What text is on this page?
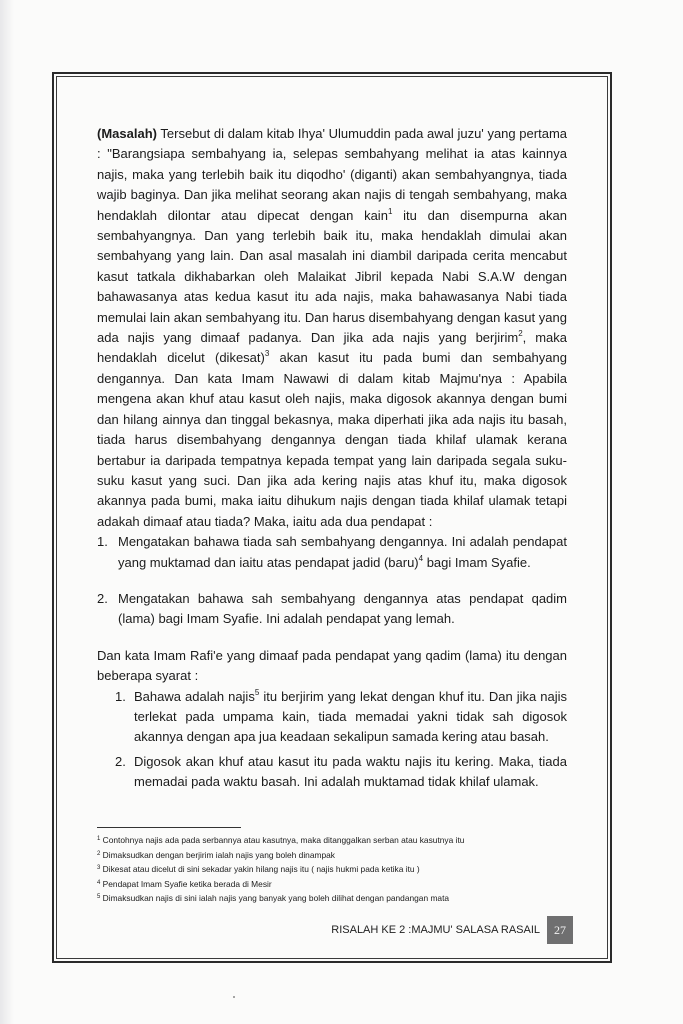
(Masalah) Tersebut di dalam kitab Ihya' Ulumuddin pada awal juzu' yang pertama : "Barangsiapa sembahyang ia, selepas sembahyang melihat ia atas kainnya najis, maka yang terlebih baik itu diqodho' (diganti) akan sembahyangnya, tiada wajib baginya. Dan jika melihat seorang akan najis di tengah sembahyang, maka hendaklah dilontar atau dipecat dengan kain$^1$ itu dan disempurna akan sembahyangnya. Dan yang terlebih baik itu, maka hendaklah dimulai akan sembahyang yang lain. Dan asal masalah ini diambil daripada cerita mencabut kasut tatkala dikhabarkan oleh Malaikat Jibril kepada Nabi S.A.W dengan bahawasanya atas kedua kasut itu ada najis, maka bahawasanya Nabi tiada memulai lain akan sembahyang itu. Dan harus disembahyang dengan kasut yang ada najis yang dimaaf padanya. Dan jika ada najis yang berjirim$^2$, maka hendaklah dicelut (dikesat)$^3$ akan kasut itu pada bumi dan sembahyang dengannya. Dan kata Imam Nawawi di dalam kitab Majmu'nya : Apabila mengena akan khuf atau kasut oleh najis, maka digosok akannya dengan bumi dan hilang ainnya dan tinggal bekasnya, maka diperhati jika ada najis itu basah, tiada harus disembahyang dengannya dengan tiada khilaf ulamak kerana bertabur ia daripada tempatnya kepada tempat yang lain daripada segala suku-suku kasut yang suci. Dan jika ada kering najis atas khuf itu, maka digosok akannya pada bumi, maka iaitu dihukum najis dengan tiada khilaf ulamak tetapi adakah dimaaf atau tiada? Maka, iaitu ada dua pendapat :

1. Mengatakan bahawa tiada sah sembahyang dengannya. Ini adalah pendapat yang muktamad dan iaitu atas pendapat jadid (baru)$^4$ bagi Imam Syafie.
2. Mengatakan bahawa sah sembahyang dengannya atas pendapat qadim (lama) bagi Imam Syafie. Ini adalah pendapat yang lemah.

Dan kata Imam Rafi'e yang dimaaf pada pendapat yang qadim (lama) itu dengan beberapa syarat :

1. Bahawa adalah najis$^5$ itu berjirim yang lekat dengan khuf itu. Dan jika najis terlekat pada umpama kain, tiada memadai yakni tidak sah digosok akannya dengan apa jua keadaan sekalipun samada kering atau basah.
2. Digosok akan khuf atau kasut itu pada waktu najis itu kering. Maka, tiada memadai pada waktu basah. Ini adalah muktamad tidak khilaf ulamak.
$^1$ Contohnya najis ada pada serbannya atau kasutnya, maka ditanggalkan serban atau kasutnya itu
$^2$ Dimaksudkan dengan berjirim ialah najis yang boleh dinampak
$^3$ Dikesat atau dicelut di sini sekadar yakin hilang najis itu ( najis hukmi pada ketika itu )
$^4$ Pendapat Imam Syafie ketika berada di Mesir
$^5$ Dimaksudkan najis di sini ialah najis yang banyak yang boleh dilihat dengan pandangan mata
RISALAH KE 2 :MAJMU' SALASA RASAIL	27
